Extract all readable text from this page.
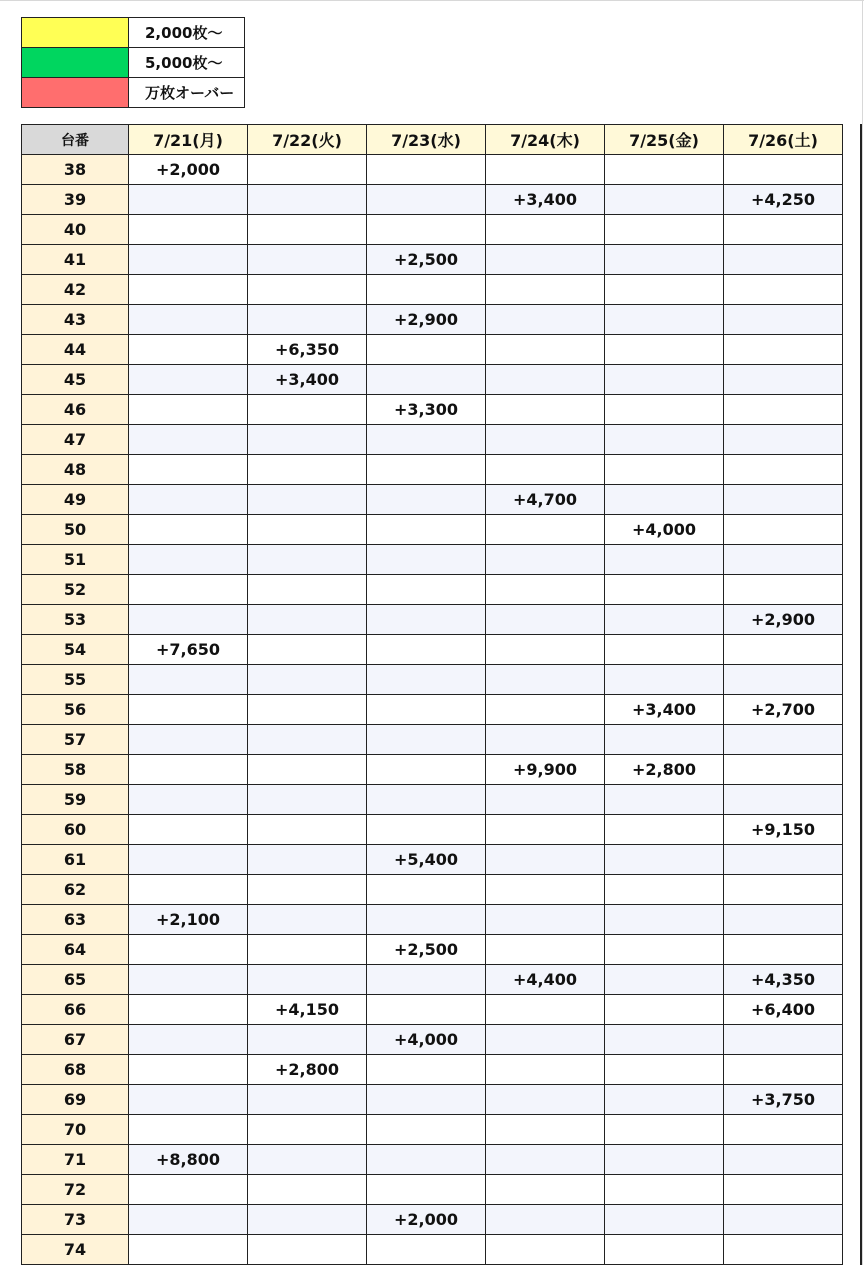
	2,000枚～
	5,000枚～
	万枚オーバー
台番	7/21(月)	7/22(火)	7/23(水)	7/24(木)	7/25(金)	7/26(土)
38	+2,000					
39				+3,400		+4,250
40						
41			+2,500			
42						
43			+2,900			
44		+6,350				
45		+3,400				
46			+3,300			
47						
48						
49				+4,700		
50					+4,000	
51						
52						
53						+2,900
54	+7,650					
55						
56					+3,400	+2,700
57						
58				+9,900	+2,800	
59						
60						+9,150
61			+5,400			
62						
63	+2,100					
64			+2,500			
65				+4,400		+4,350
66		+4,150				+6,400
67			+4,000			
68		+2,800				
69						+3,750
70						
71	+8,800					
72						
73			+2,000			
74						
